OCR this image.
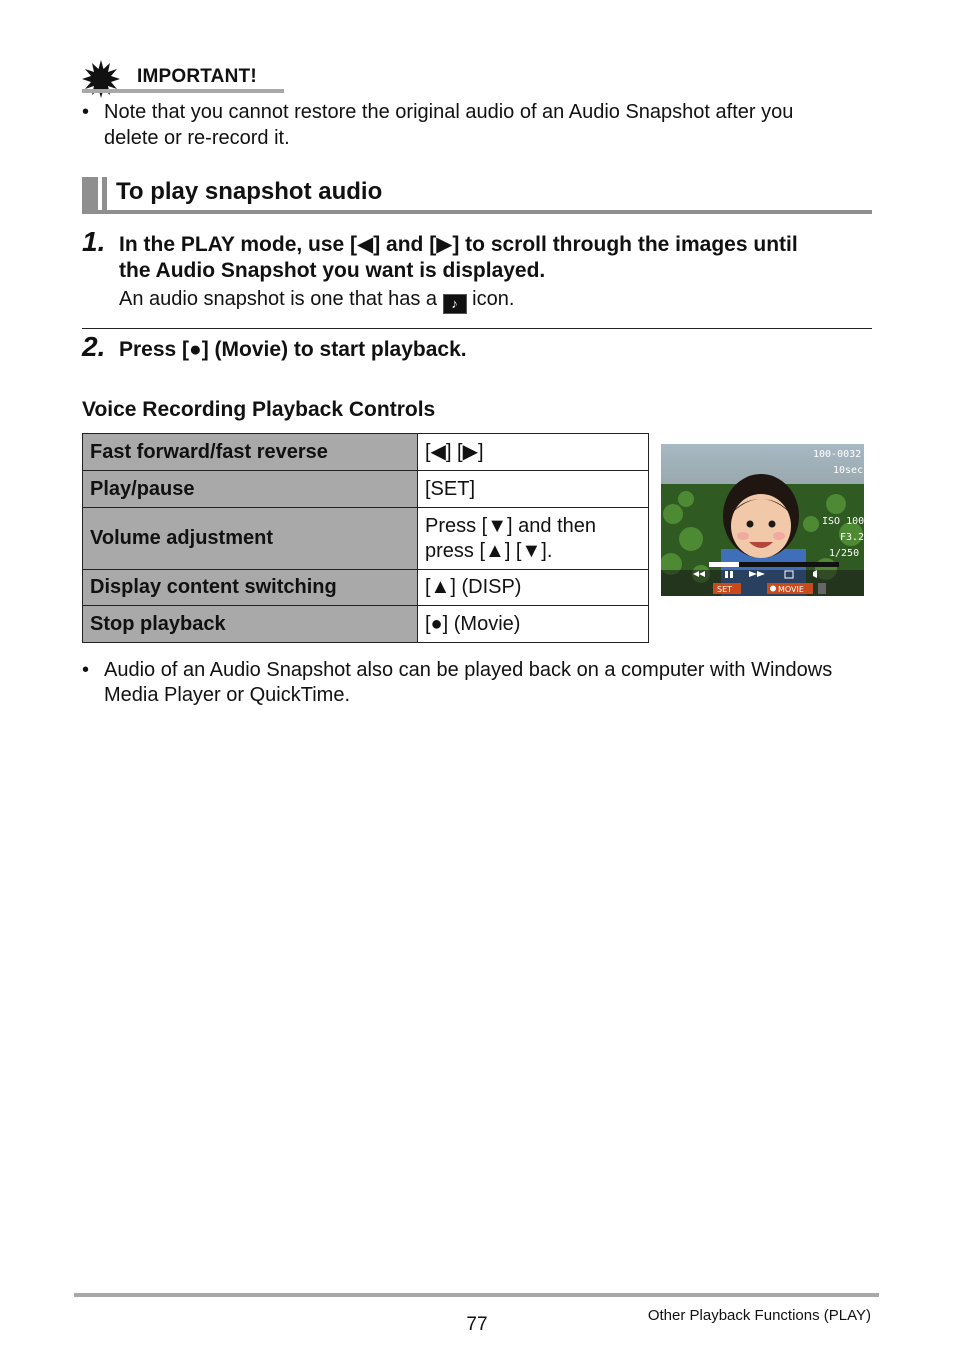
IMPORTANT!
• Note that you cannot restore the original audio of an Audio Snapshot after you
delete or re-record it.
To play snapshot audio
1. In the PLAY mode, use [◀] and [▶] to scroll through the images until
the Audio Snapshot you want is displayed.
An audio snapshot is one that has a ♪ icon.
2. Press [●] (Movie) to start playback.
Voice Recording Playback Controls
Fast forward/fast reverse	[◀] [▶]
Play/pause	[SET]
Volume adjustment	Press [▼] and then
press [▲] [▼].

Display content switching	[▲] (DISP)
Stop playback	[●] (Movie)
100-0032
10sec
ISO 100
F3.2
1/250
SET	MOVIE
• Audio of an Audio Snapshot also can be played back on a computer with Windows
Media Player or QuickTime.
77	Other Playback Functions (PLAY)
